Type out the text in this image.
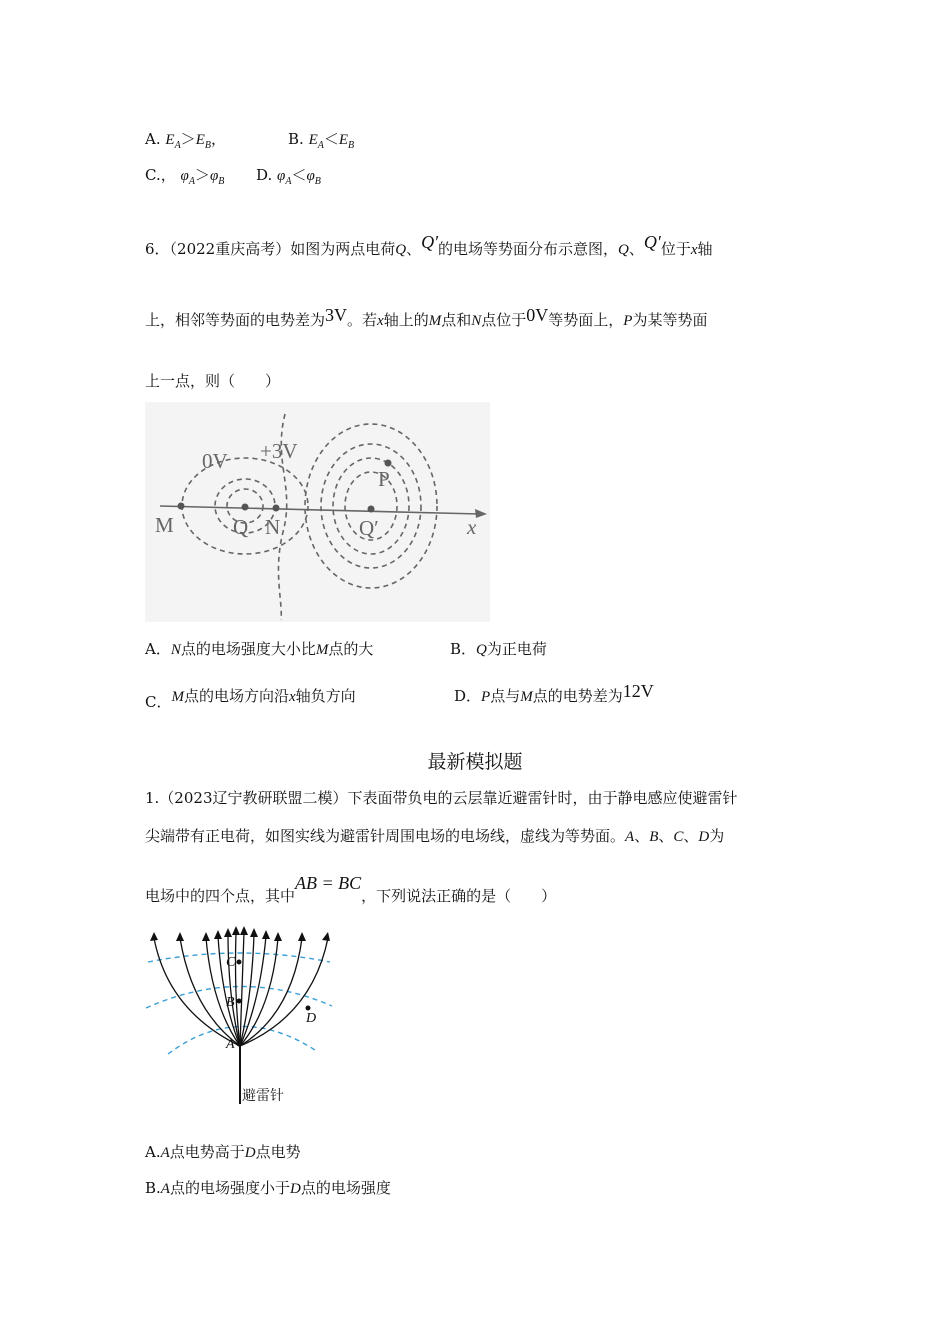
A. $E_A>E_B$，	B. $E_A<E_B$
C.， $\varphi_A>\varphi_B$ D. $\varphi_A<\varphi_B$
6．（2022重庆高考）如图为两点电荷Q、Q′的电场等势面分布示意图，Q、Q′位于x轴
上，相邻等势面的电势差为3V。若x轴上的M点和N点位于0V等势面上，P为某等势面
上一点，则（　　）
0V +3V
P
M	Q N	Q′	x
A．N点的电场强度大小比M点的大	B．Q为正电荷
C．M点的电场方向沿x轴负方向	D．P点与M点的电势差为12V
最新模拟题
1.（2023辽宁教研联盟二模）下表面带负电的云层靠近避雷针时，由于静电感应使避雷针
尖端带有正电荷，如图实线为避雷针周围电场的电场线，虚线为等势面。A、B、C、D为
电场中的四个点，其中AB = BC，下列说法正确的是（　　）
C
B
A
D
避雷针
A.A点电势高于D点电势
B.A点的电场强度小于D点的电场强度
